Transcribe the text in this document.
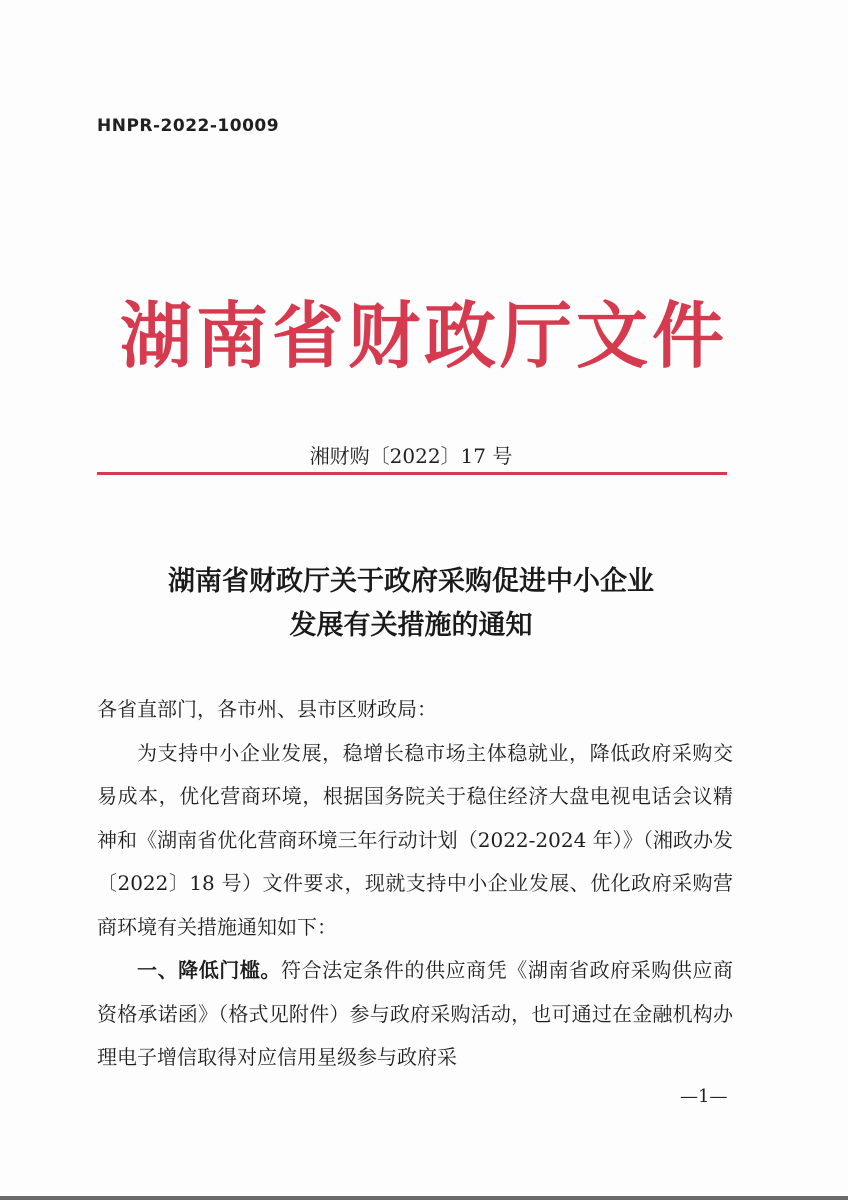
HNPR-2022-10009
湖南省财政厅文件
湘财购〔2022〕17 号
湖南省财政厅关于政府采购促进中小企业
发展有关措施的通知

各省直部门，各市州、县市区财政局：

为支持中小企业发展，稳增长稳市场主体稳就业，降低政府采购交易成本，优化营商环境，根据国务院关于稳住经济大盘电视电话会议精神和《湖南省优化营商环境三年行动计划（2022-2024 年）》（湘政办发〔2022〕18 号）文件要求，现就支持中小企业发展、优化政府采购营商环境有关措施通知如下：

一、降低门槛。符合法定条件的供应商凭《湖南省政府采购供应商资格承诺函》（格式见附件）参与政府采购活动，也可通过在金融机构办理电子增信取得对应信用星级参与政府采

—1—
